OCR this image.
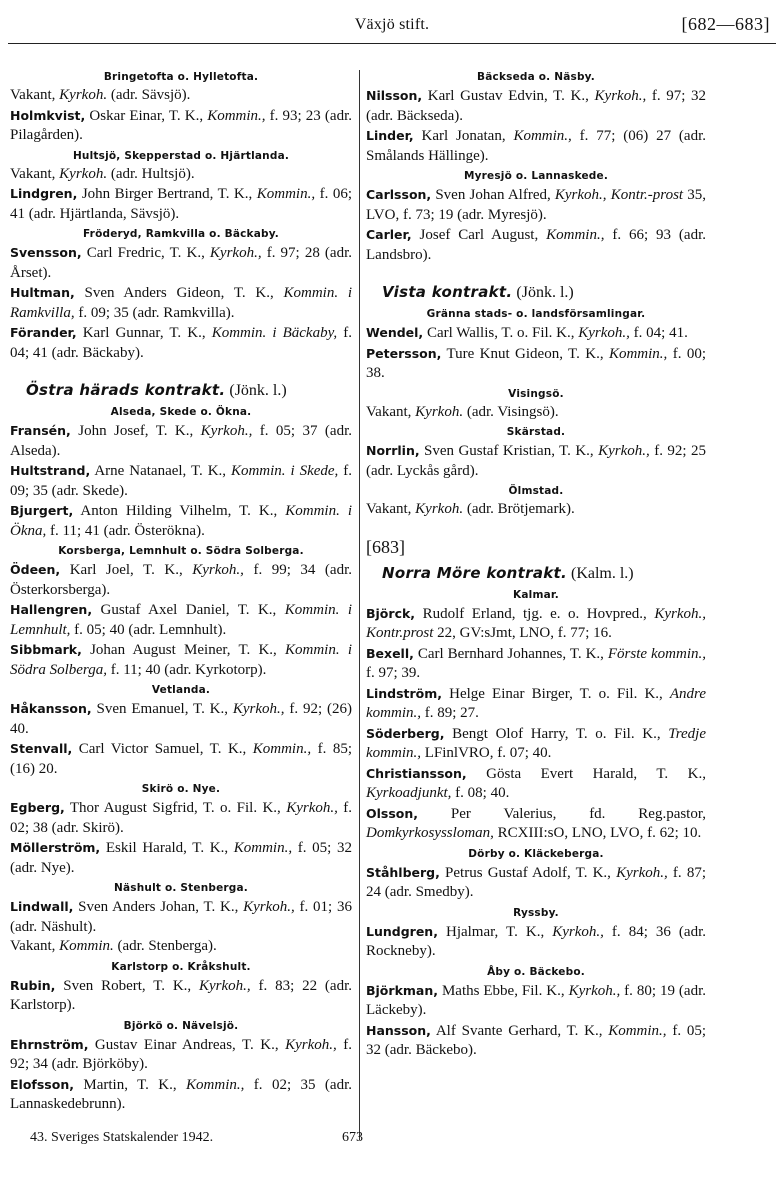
Växjö stift.	[682—683]
Bringetofta o. Hylletofta.
Vakant, Kyrkoh. (adr. Sävsjö).
Holmkvist, Oskar Einar, T. K., Kommin., f. 93; 23 (adr. Pilagården).
Hultsjö, Skepperstad o. Hjärtlanda.
Vakant, Kyrkoh. (adr. Hultsjö).
Lindgren, John Birger Bertrand, T. K., Kommin., f. 06; 41 (adr. Hjärtlanda, Sävsjö).
Fröderyd, Ramkvilla o. Bäckaby.
Svensson, Carl Fredric, T. K., Kyrkoh., f. 97; 28 (adr. Årset).
Hultman, Sven Anders Gideon, T. K., Kommin. i Ramkvilla, f. 09; 35 (adr. Ramkvilla).
Förander, Karl Gunnar, T. K., Kommin. i Bäckaby, f. 04; 41 (adr. Bäckaby).
Östra härads kontrakt. (Jönk. l.)
Alseda, Skede o. Ökna.
Fransén, John Josef, T. K., Kyrkoh., f. 05; 37 (adr. Alseda).
Hultstrand, Arne Natanael, T. K., Kommin. i Skede, f. 09; 35 (adr. Skede).
Bjurgert, Anton Hilding Vilhelm, T. K., Kommin. i Ökna, f. 11; 41 (adr. Österökna).
Korsberga, Lemnhult o. Södra Solberga.
Ödeen, Karl Joel, T. K., Kyrkoh., f. 99; 34 (adr. Österkorsberga).
Hallengren, Gustaf Axel Daniel, T. K., Kommin. i Lemnhult, f. 05; 40 (adr. Lemnhult).
Sibbmark, Johan August Meiner, T. K., Kommin. i Södra Solberga, f. 11; 40 (adr. Kyrkotorp).
Vetlanda.
Håkansson, Sven Emanuel, T. K., Kyrkoh., f. 92; (26) 40.
Stenvall, Carl Victor Samuel, T. K., Kommin., f. 85; (16) 20.
Skirö o. Nye.
Egberg, Thor August Sigfrid, T. o. Fil. K., Kyrkoh., f. 02; 38 (adr. Skirö).
Möllerström, Eskil Harald, T. K., Kommin., f. 05; 32 (adr. Nye).
Näshult o. Stenberga.
Lindwall, Sven Anders Johan, T. K., Kyrkoh., f. 01; 36 (adr. Näshult).
Vakant, Kommin. (adr. Stenberga).
Karlstorp o. Kråkshult.
Rubin, Sven Robert, T. K., Kyrkoh., f. 83; 22 (adr. Karlstorp).
Björkö o. Nävelsjö.
Ehrnström, Gustav Einar Andreas, T. K., Kyrkoh., f. 92; 34 (adr. Björköby).
Elofsson, Martin, T. K., Kommin., f. 02; 35 (adr. Lannaskedebrunn).
Bäckseda o. Näsby.
Nilsson, Karl Gustav Edvin, T. K., Kyrkoh., f. 97; 32 (adr. Bäckseda).
Linder, Karl Jonatan, Kommin., f. 77; (06) 27 (adr. Smålands Hällinge).
Myresjö o. Lannaskede.
Carlsson, Sven Johan Alfred, Kyrkoh., Kontr.-prost 35, LVO, f. 73; 19 (adr. Myresjö).
Carler, Josef Carl August, Kommin., f. 66; 93 (adr. Landsbro).
Vista kontrakt. (Jönk. l.)
Gränna stads- o. landsförsamlingar.
Wendel, Carl Wallis, T. o. Fil. K., Kyrkoh., f. 04; 41.
Petersson, Ture Knut Gideon, T. K., Kommin., f. 00; 38.
Visingsö.
Vakant, Kyrkoh. (adr. Visingsö).
Skärstad.
Norrlin, Sven Gustaf Kristian, T. K., Kyrkoh., f. 92; 25 (adr. Lyckås gård).
Ölmstad.
Vakant, Kyrkoh. (adr. Brötjemark).
[683]
Norra Möre kontrakt. (Kalm. l.)
Kalmar.
Björck, Rudolf Erland, tjg. e. o. Hovpred., Kyrkoh., Kontr.prost 22, GV:sJmt, LNO, f. 77; 16.
Bexell, Carl Bernhard Johannes, T. K., Förste kommin., f. 97; 39.
Lindström, Helge Einar Birger, T. o. Fil. K., Andre kommin., f. 89; 27.
Söderberg, Bengt Olof Harry, T. o. Fil. K., Tredje kommin., LFinlVRO, f. 07; 40.
Christiansson, Gösta Evert Harald, T. K., Kyrkoadjunkt, f. 08; 40.
Olsson, Per Valerius, fd. Reg.pastor, Domkyrkosyssloman, RCXIII:sO, LNO, LVO, f. 62; 10.
Dörby o. Kläckeberga.
Ståhlberg, Petrus Gustaf Adolf, T. K., Kyrkoh., f. 87; 24 (adr. Smedby).
Ryssby.
Lundgren, Hjalmar, T. K., Kyrkoh., f. 84; 36 (adr. Rockneby).
Åby o. Bäckebo.
Björkman, Maths Ebbe, Fil. K., Kyrkoh., f. 80; 19 (adr. Läckeby).
Hansson, Alf Svante Gerhard, T. K., Kommin., f. 05; 32 (adr. Bäckebo).
43. Sveriges Statskalender 1942.	673
